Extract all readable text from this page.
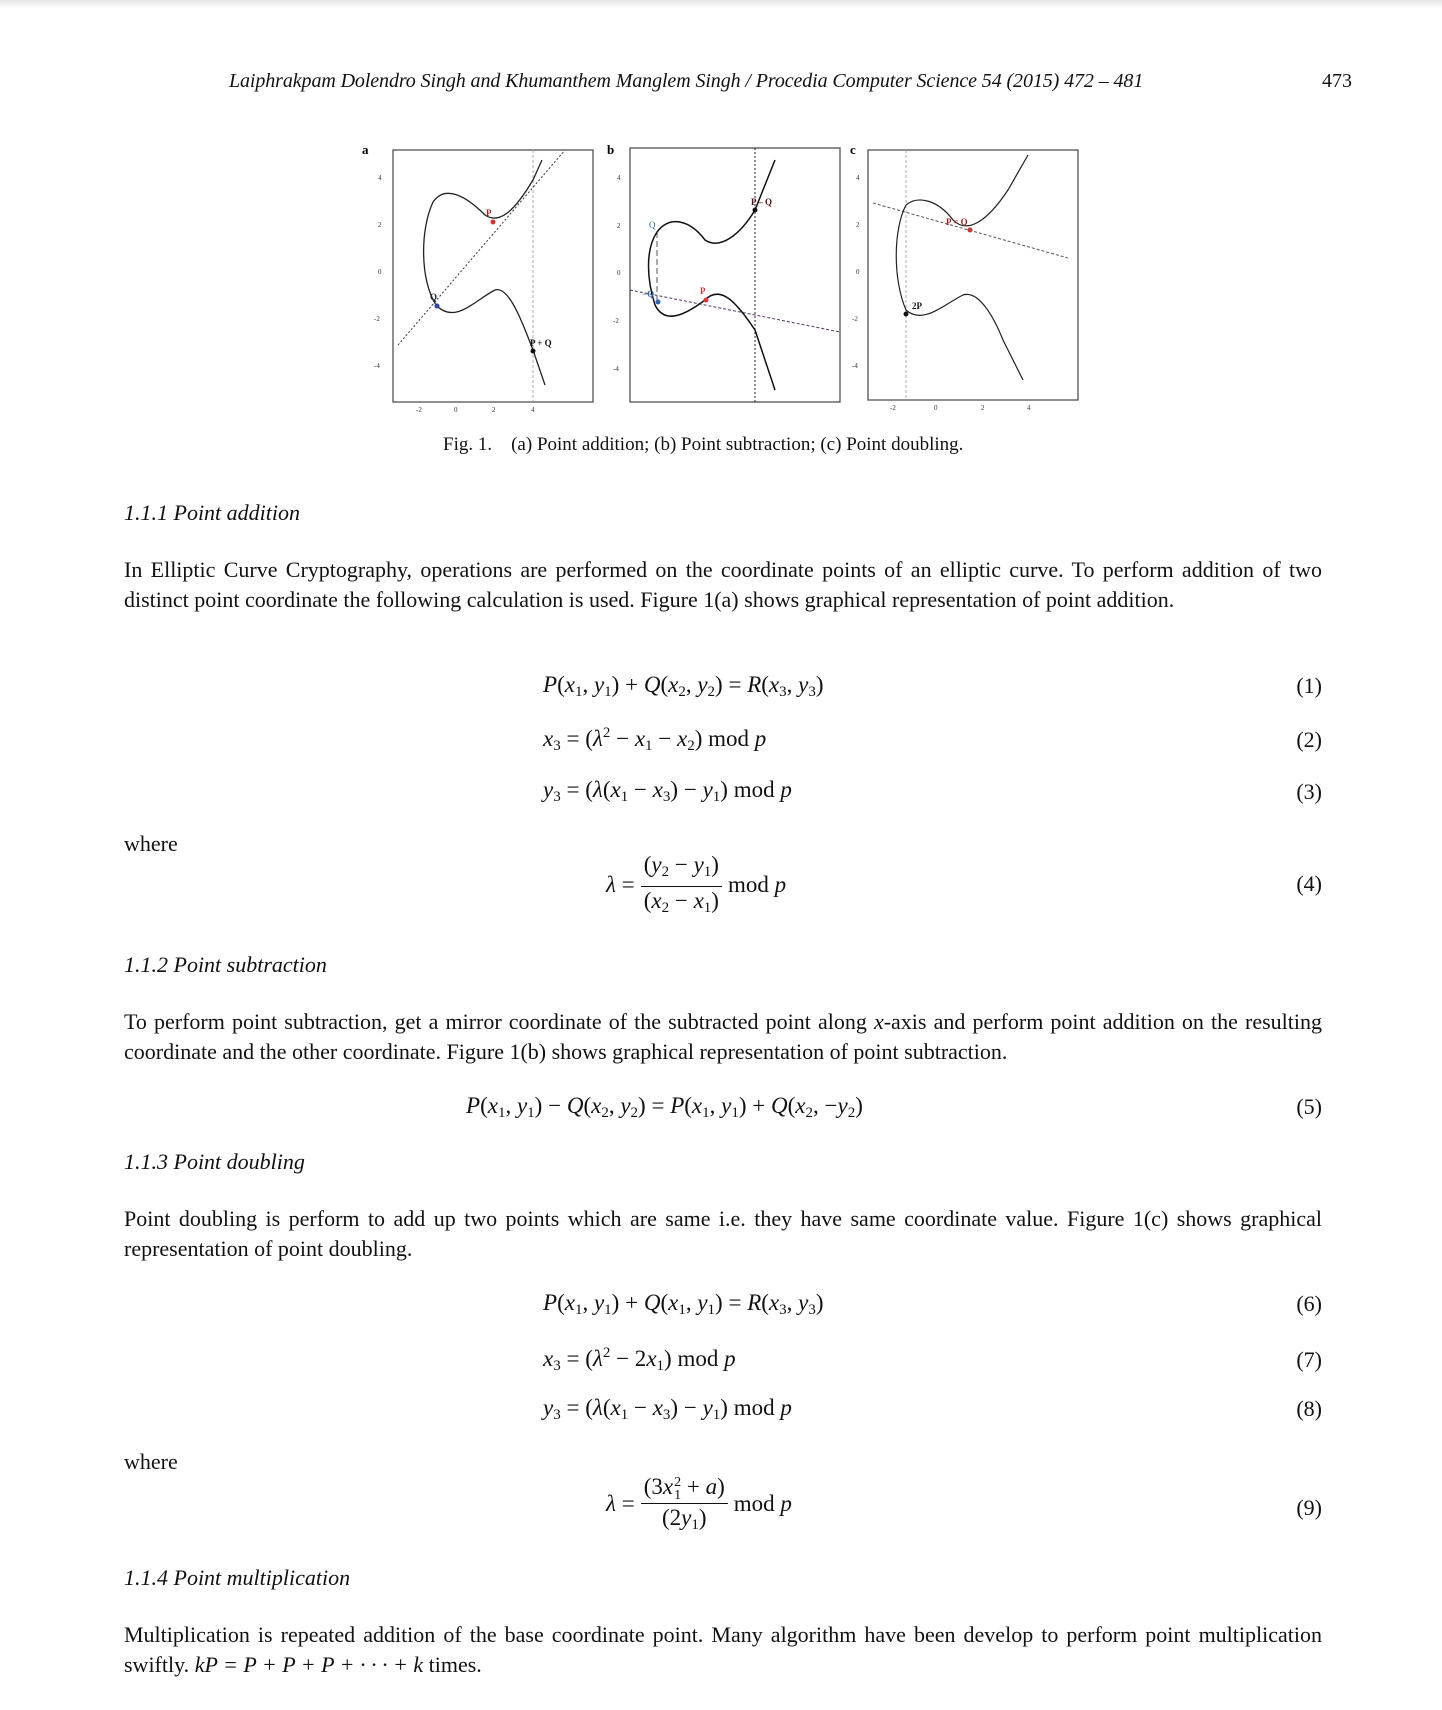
Laiphrakpam Dolendro Singh and Khumanthem Manglem Singh / Procedia Computer Science 54 (2015) 472 – 481	473
a
4
2
0
-2
-4
-2	0	2	4
P
Q
P + Q
b
4
2
0
-2
-4
Q
−Q	P
P – Q
c
4
2
0
-2
-4
-2	0	2	4
P = Q
2P
Fig. 1. (a) Point addition; (b) Point subtraction; (c) Point doubling.
1.1.1 Point addition
In Elliptic Curve Cryptography, operations are performed on the coordinate points of an elliptic curve. To perform addition of two distinct point coordinate the following calculation is used. Figure 1(a) shows graphical representation of point addition.
$P(x_1$, $y_1) + Q(x_2$, $y_2) = R(x_3$, $y_3$)	(1)
$x_3 = (\lambda^2 - x_1 - x_2)$ mod p	(2)
$y_3 = (\lambda(x_1 - x_3) - y_1)$ mod p	(3)
where
$\lambda = \frac{(y_2 - y_1)}{(x_2 - x_1)}$ mod p	(4)
1.1.2 Point subtraction
To perform point subtraction, get a mirror coordinate of the subtracted point along x-axis and perform point addition on the resulting coordinate and the other coordinate. Figure 1(b) shows graphical representation of point subtraction.
$P(x_1$, $y_1) - Q(x_2$, $y_2) = P(x_1$, $y_1) + Q(x_2$, $-y_2$)	(5)
1.1.3 Point doubling
Point doubling is perform to add up two points which are same i.e. they have same coordinate value. Figure 1(c) shows graphical representation of point doubling.
$P(x_1$, $y_1) + Q(x_1$, $y_1) = R(x_3$, $y_3$)	(6)
$x_3 = (\lambda^2 - 2x_1)$ mod p	(7)
$y_3 = (\lambda(x_1 - x_3) - y_1)$ mod p	(8)
where
λ = (3x 2
1 + a)
$(2y_1)$ mod p	(9)
1.1.4 Point multiplication
Multiplication is repeated addition of the base coordinate point. Many algorithm have been develop to perform point multiplication swiftly. kP = P + P + P + · · · + k times.
